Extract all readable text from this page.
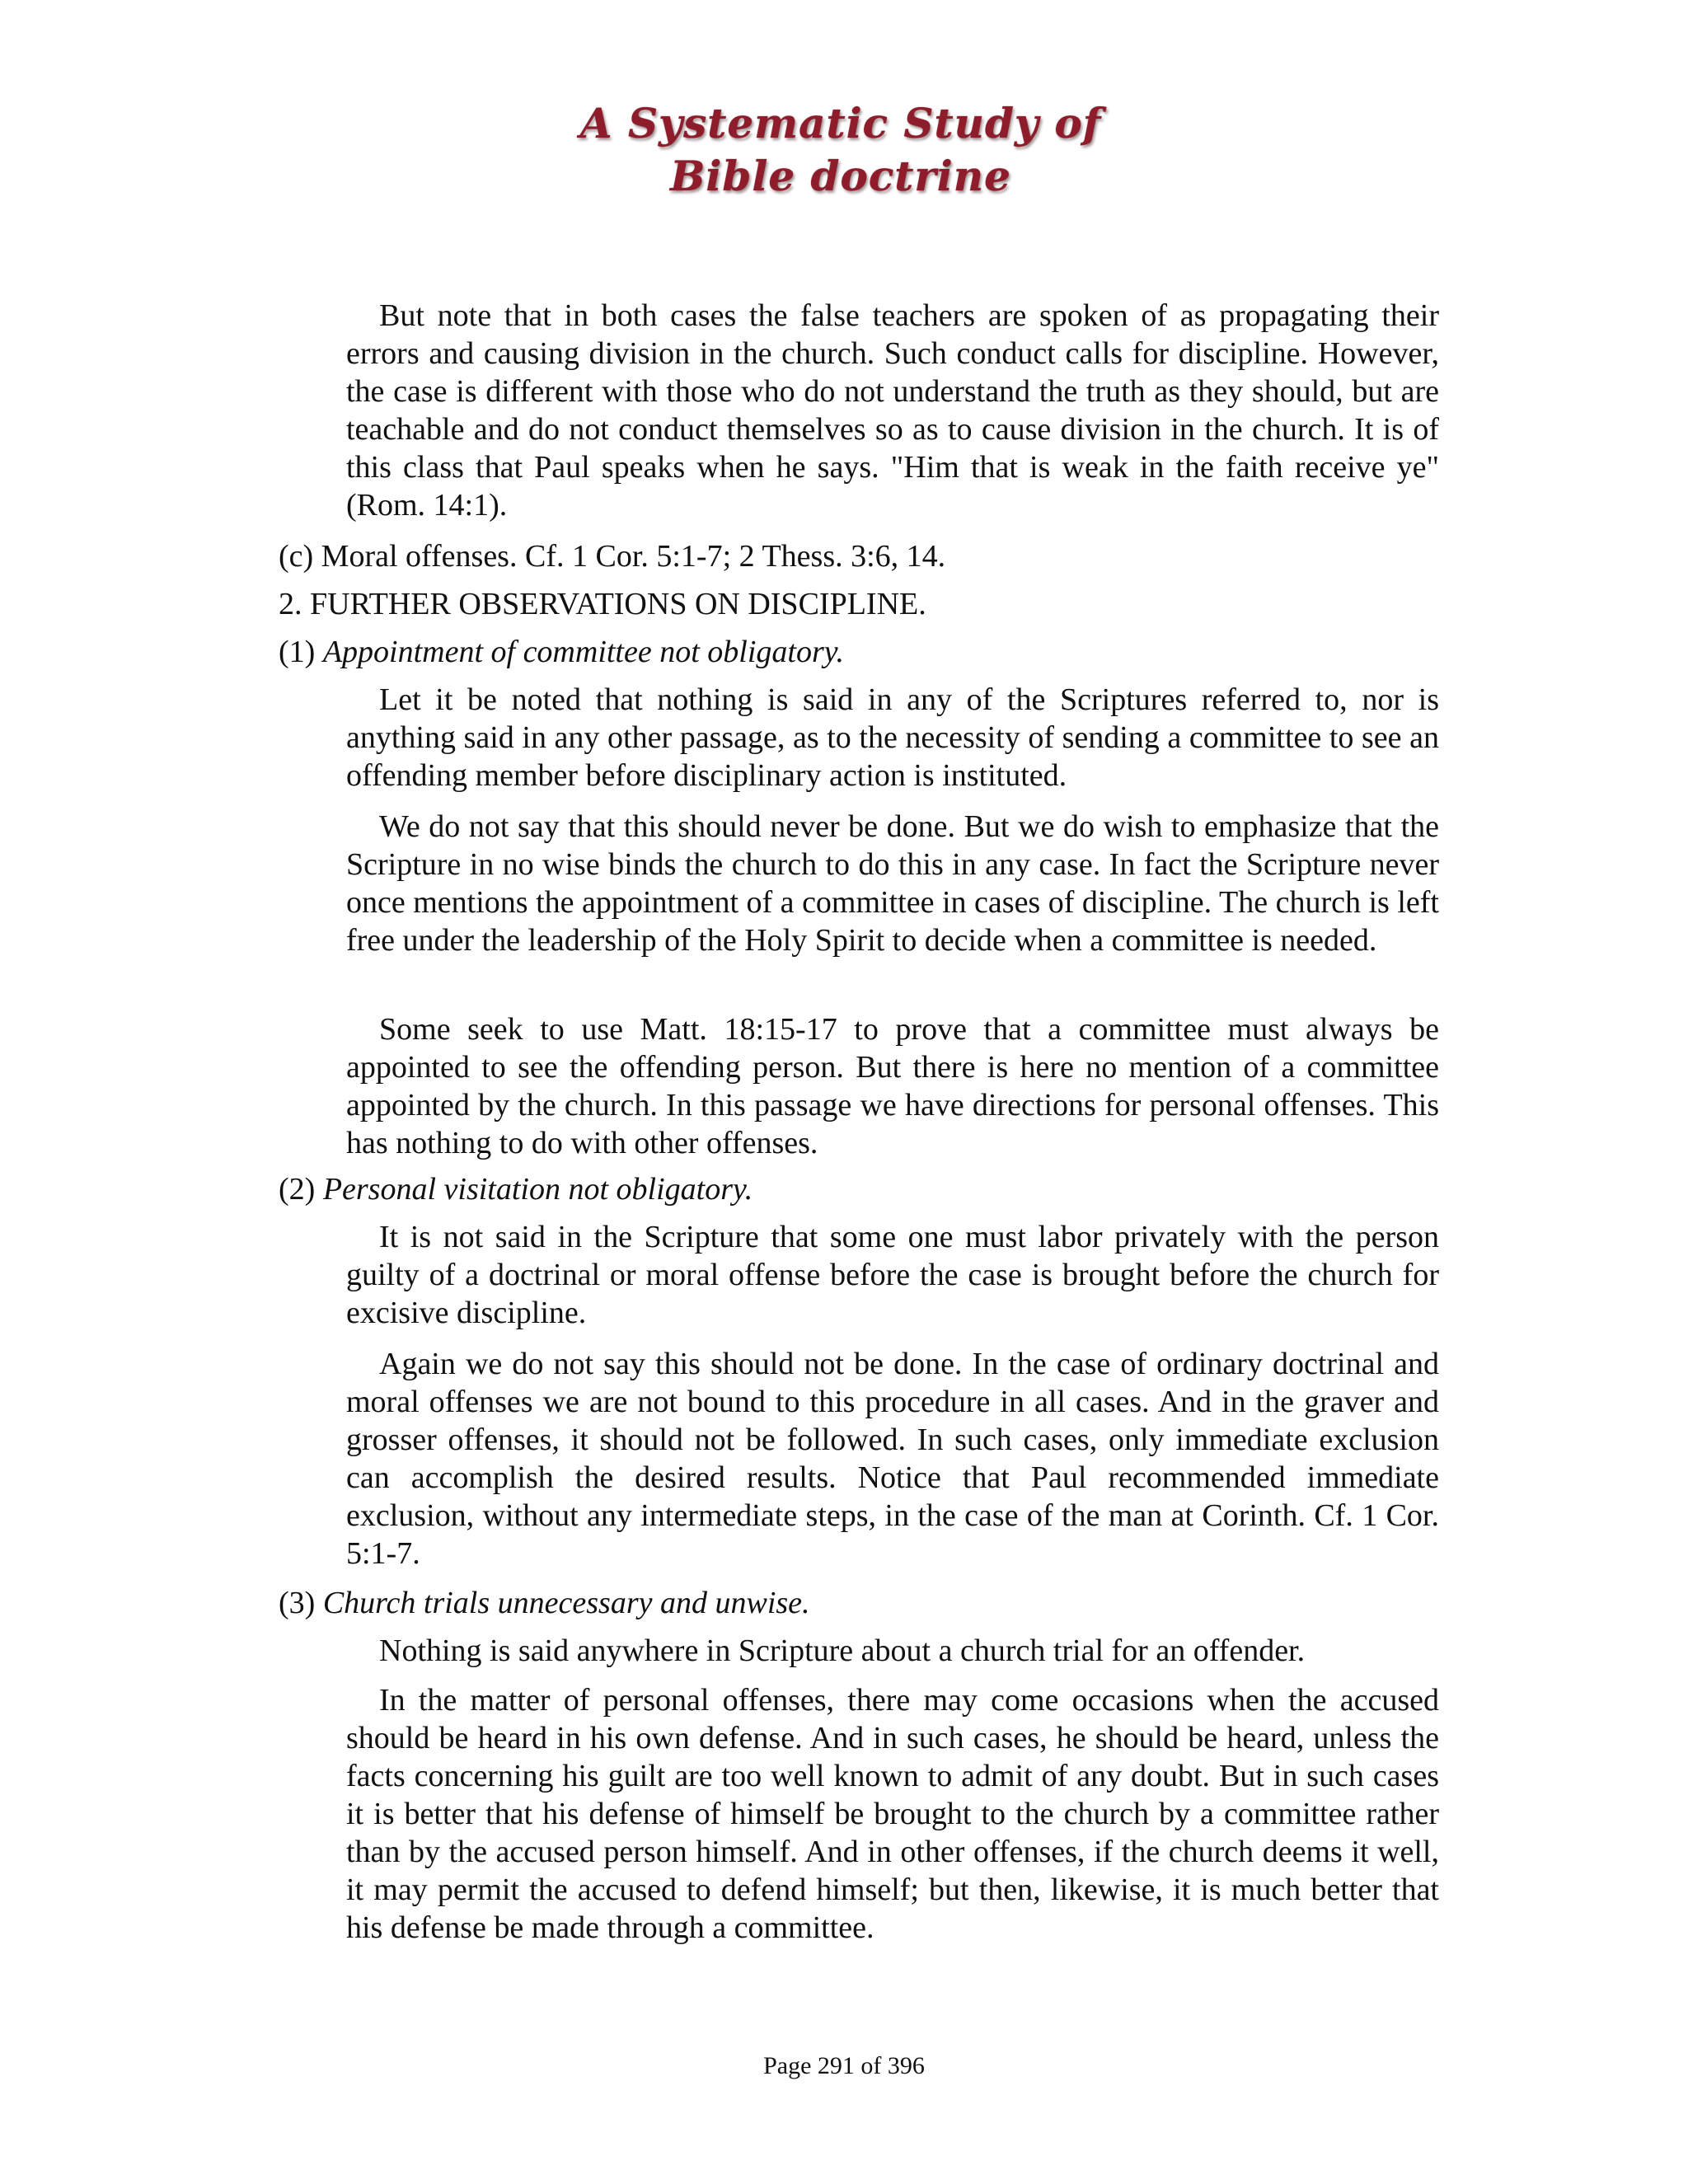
A Systematic Study of
Bible doctrine

But note that in both cases the false teachers are spoken of as propagating their errors and causing division in the church. Such conduct calls for discipline. However, the case is different with those who do not understand the truth as they should, but are teachable and do not conduct themselves so as to cause division in the church. It is of this class that Paul speaks when he says. "Him that is weak in the faith receive ye" (Rom. 14:1).

(c) Moral offenses. Cf. 1 Cor. 5:1-7; 2 Thess. 3:6, 14.

2. FURTHER OBSERVATIONS ON DISCIPLINE.

(1) Appointment of committee not obligatory.

Let it be noted that nothing is said in any of the Scriptures referred to, nor is anything said in any other passage, as to the necessity of sending a committee to see an offending member before disciplinary action is instituted.

We do not say that this should never be done. But we do wish to emphasize that the Scripture in no wise binds the church to do this in any case. In fact the Scripture never once mentions the appointment of a committee in cases of discipline. The church is left free under the leadership of the Holy Spirit to decide when a committee is needed.

Some seek to use Matt. 18:15-17 to prove that a committee must always be appointed to see the offending person. But there is here no mention of a committee appointed by the church. In this passage we have directions for personal offenses. This has nothing to do with other offenses.

(2) Personal visitation not obligatory.

It is not said in the Scripture that some one must labor privately with the person guilty of a doctrinal or moral offense before the case is brought before the church for excisive discipline.

Again we do not say this should not be done. In the case of ordinary doctrinal and moral offenses we are not bound to this procedure in all cases. And in the graver and grosser offenses, it should not be followed. In such cases, only immediate exclusion can accomplish the desired results. Notice that Paul recommended immediate exclusion, without any intermediate steps, in the case of the man at Corinth. Cf. 1 Cor. 5:1-7.

(3) Church trials unnecessary and unwise.

Nothing is said anywhere in Scripture about a church trial for an offender.

In the matter of personal offenses, there may come occasions when the accused should be heard in his own defense. And in such cases, he should be heard, unless the facts concerning his guilt are too well known to admit of any doubt. But in such cases it is better that his defense of himself be brought to the church by a committee rather than by the accused person himself. And in other offenses, if the church deems it well, it may permit the accused to defend himself; but then, likewise, it is much better that his defense be made through a committee.

Page 291 of 396
